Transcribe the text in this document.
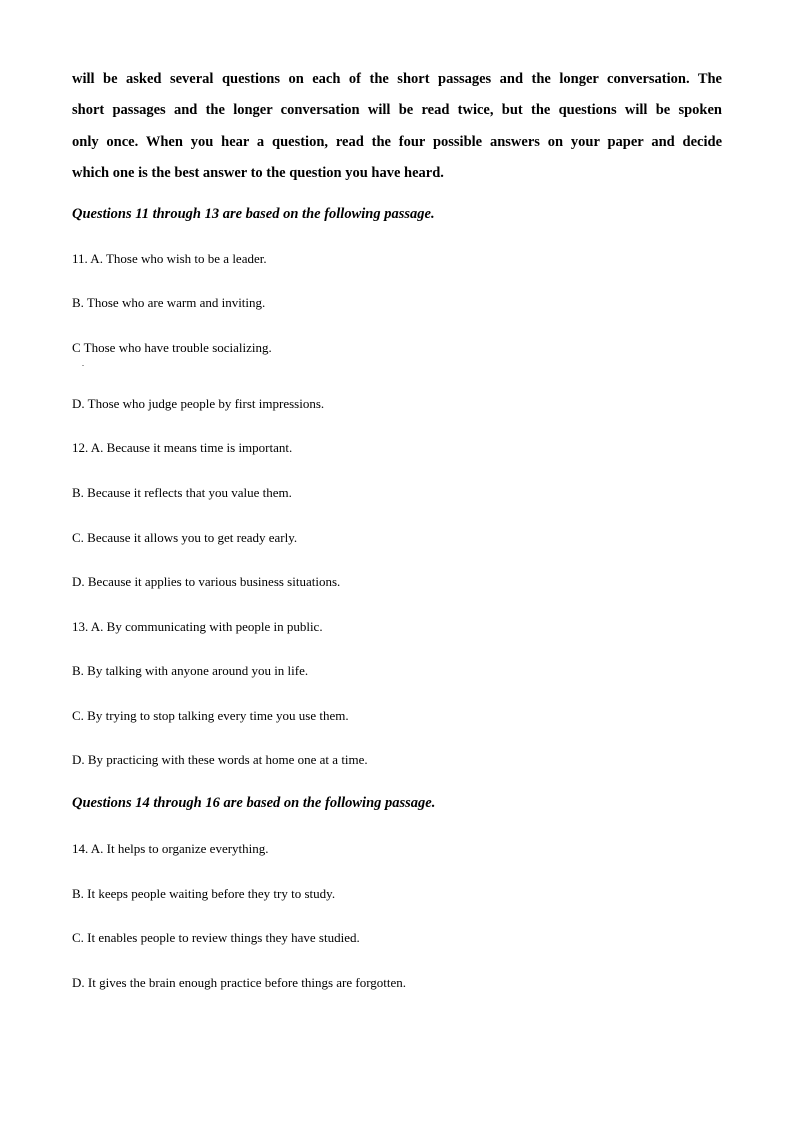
will be asked several questions on each of the short passages and the longer conversation. The
short passages and the longer conversation will be read twice, but the questions will be spoken
only once. When you hear a question, read the four possible answers on your paper and decide
which one is the best answer to the question you have heard.

Questions 11 through 13 are based on the following passage.

11. A. Those who wish to be a leader.

B. Those who are warm and inviting.

C Those who have trouble socializing.

.

D. Those who judge people by first impressions.

12. A. Because it means time is important.

B. Because it reflects that you value them.

C. Because it allows you to get ready early.

D. Because it applies to various business situations.

13. A. By communicating with people in public.

B. By talking with anyone around you in life.

C. By trying to stop talking every time you use them.

D. By practicing with these words at home one at a time.

Questions 14 through 16 are based on the following passage.

14. A. It helps to organize everything.

B. It keeps people waiting before they try to study.

C. It enables people to review things they have studied.

D. It gives the brain enough practice before things are forgotten.
